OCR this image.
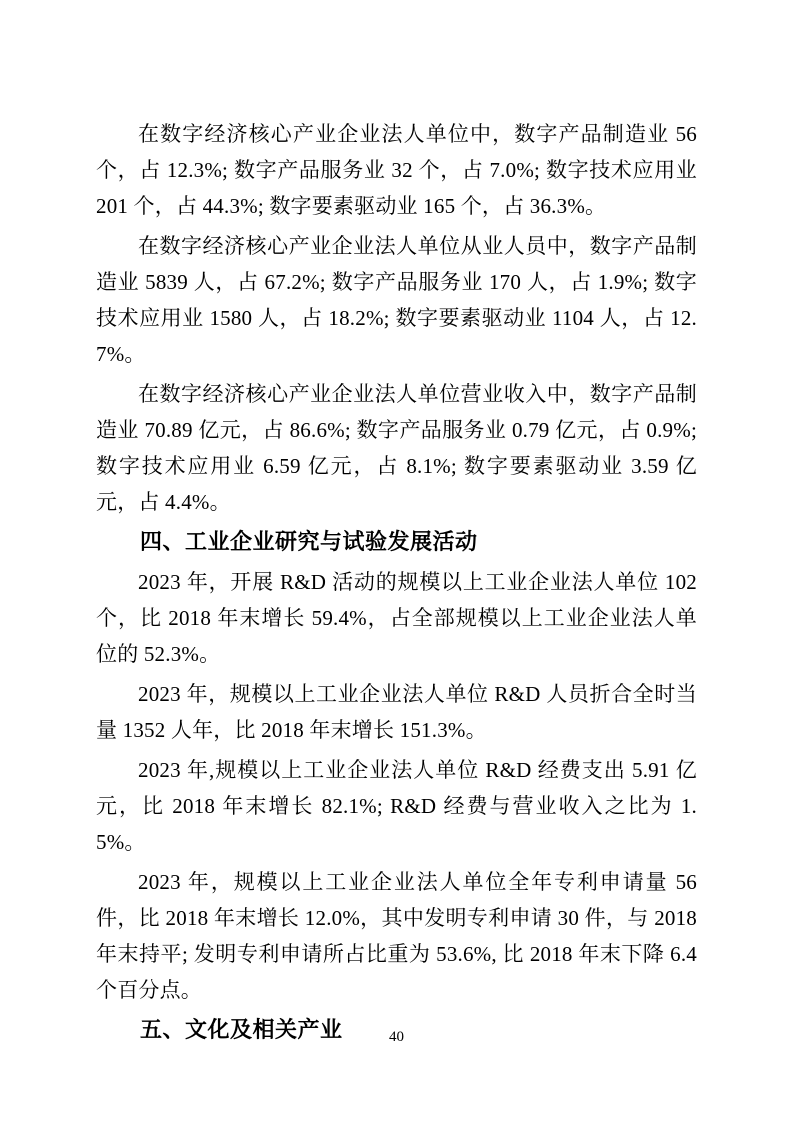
在数字经济核心产业企业法人单位中，数字产品制造业 56 个，占 12.3%; 数字产品服务业 32 个，占 7.0%; 数字技术应用业 201 个，占 44.3%; 数字要素驱动业 165 个，占 36.3%。

在数字经济核心产业企业法人单位从业人员中，数字产品制造业 5839 人，占 67.2%; 数字产品服务业 170 人，占 1.9%; 数字技术应用业 1580 人，占 18.2%; 数字要素驱动业 1104 人，占 12.7%。

在数字经济核心产业企业法人单位营业收入中，数字产品制造业 70.89 亿元，占 86.6%; 数字产品服务业 0.79 亿元，占 0.9%; 数字技术应用业 6.59 亿元，占 8.1%; 数字要素驱动业 3.59 亿元，占 4.4%。

四、工业企业研究与试验发展活动

2023 年，开展 R&D 活动的规模以上工业企业法人单位 102 个，比 2018 年末增长 59.4%，占全部规模以上工业企业法人单位的 52.3%。

2023 年，规模以上工业企业法人单位 R&D 人员折合全时当量 1352 人年，比 2018 年末增长 151.3%。

2023 年,规模以上工业企业法人单位 R&D 经费支出 5.91 亿元，比 2018 年末增长 82.1%; R&D 经费与营业收入之比为 1.5%。

2023 年，规模以上工业企业法人单位全年专利申请量 56 件，比 2018 年末增长 12.0%，其中发明专利申请 30 件，与 2018 年末持平; 发明专利申请所占比重为 53.6%, 比 2018 年末下降 6.4 个百分点。

五、文化及相关产业	40
